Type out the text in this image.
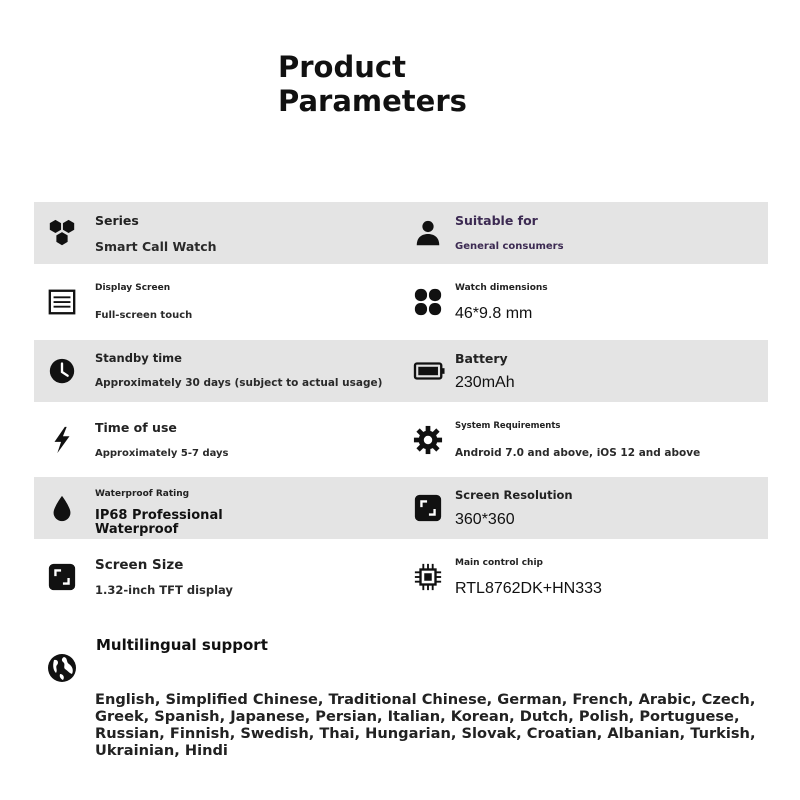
Product Parameters
Series
Smart Call Watch
Suitable for
General consumers
Display Screen
Full-screen touch
Watch dimensions
46*9.8 mm
Standby time
Approximately 30 days (subject to actual usage)
Battery
230mAh
Time of use
Approximately 5-7 days
System Requirements
Android 7.0 and above, iOS 12 and above
Waterproof Rating
IP68 Professional Waterproof
Screen Resolution
360*360
Screen Size
1.32-inch TFT display
Main control chip
RTL8762DK+HN333
Multilingual support
English, Simplified Chinese, Traditional Chinese, German, French, Arabic, Czech, Greek, Spanish, Japanese, Persian, Italian, Korean, Dutch, Polish, Portuguese, Russian, Finnish, Swedish, Thai, Hungarian, Slovak, Croatian, Albanian, Turkish, Ukrainian, Hindi
